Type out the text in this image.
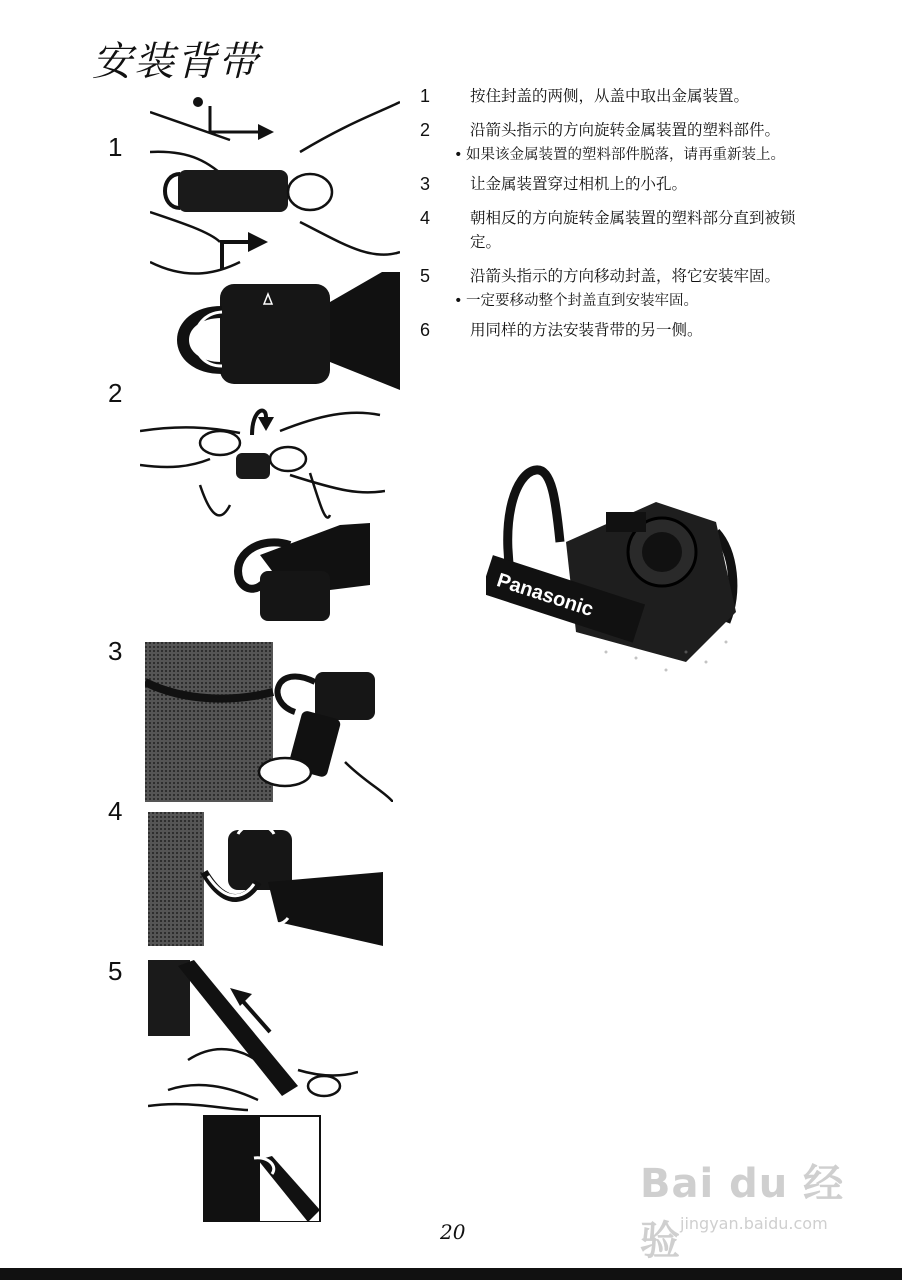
安装背带
1
2
3
4
5
1	按住封盖的两侧，从盖中取出金属装置。
2	沿箭头指示的方向旋转金属装置的塑料部件。
• 如果该金属装置的塑料部件脱落，请再重新装上。
3	让金属装置穿过相机上的小孔。
4	朝相反的方向旋转金属装置的塑料部分直到被锁定。
5	沿箭头指示的方向移动封盖，将它安装牢固。
• 一定要移动整个封盖直到安装牢固。
6	用同样的方法安装背带的另一侧。
Panasonic
20
Bai du 经验 jingyan.baidu.com
